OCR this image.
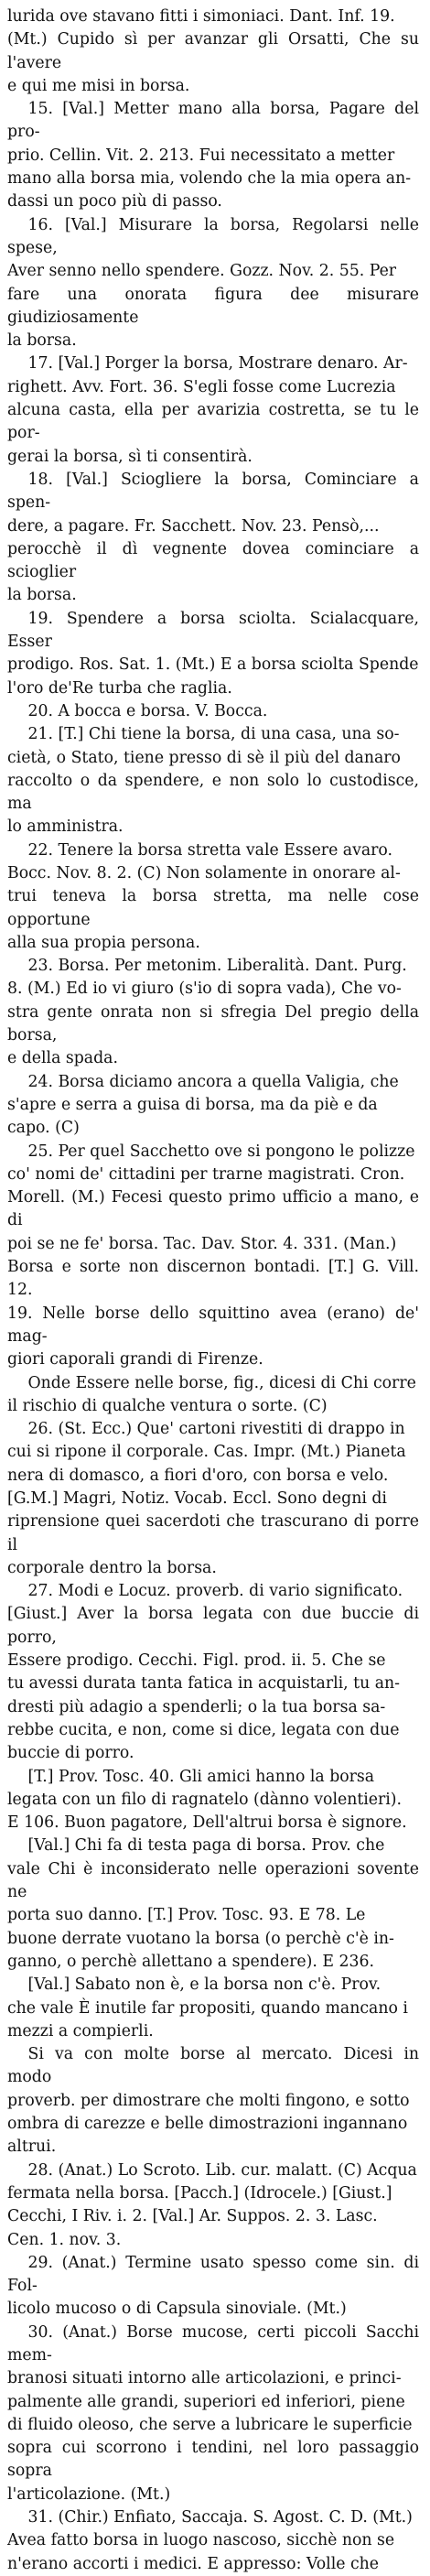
lurida ove stavano fitti i simoniaci. Dant. Inf. 19.
(Mt.) Cupido sì per avanzar gli Orsatti, Che su l'avere
e qui me misi in borsa.

15. [Val.] Metter mano alla borsa, Pagare del pro-
prio. Cellin. Vit. 2. 213. Fui necessitato a metter
mano alla borsa mia, volendo che la mia opera an-
dassi un poco più di passo.

16. [Val.] Misurare la borsa, Regolarsi nelle spese,
Aver senno nello spendere. Gozz. Nov. 2. 55. Per
fare una onorata figura dee misurare giudiziosamente
la borsa.

17. [Val.] Porger la borsa, Mostrare denaro. Ar-
righett. Avv. Fort. 36. S'egli fosse come Lucrezia
alcuna casta, ella per avarizia costretta, se tu le por-
gerai la borsa, sì ti consentirà.

18. [Val.] Sciogliere la borsa, Cominciare a spen-
dere, a pagare. Fr. Sacchett. Nov. 23. Pensò,...
perocchè il dì vegnente dovea cominciare a scioglier
la borsa.

19. Spendere a borsa sciolta. Scialacquare, Esser
prodigo. Ros. Sat. 1. (Mt.) E a borsa sciolta Spende
l'oro de'Re turba che raglia.

20. A bocca e borsa. V. Bocca.

21. [T.] Chi tiene la borsa, di una casa, una so-
cietà, o Stato, tiene presso di sè il più del danaro
raccolto o da spendere, e non solo lo custodisce, ma
lo amministra.

22. Tenere la borsa stretta vale Essere avaro.
Bocc. Nov. 8. 2. (C) Non solamente in onorare al-
trui teneva la borsa stretta, ma nelle cose opportune
alla sua propia persona.

23. Borsa. Per metonim. Liberalità. Dant. Purg.
8. (M.) Ed io vi giuro (s'io di sopra vada), Che vo-
stra gente onrata non si sfregia Del pregio della borsa,
e della spada.

24. Borsa diciamo ancora a quella Valigia, che
s'apre e serra a guisa di borsa, ma da piè e da
capo. (C)

25. Per quel Sacchetto ove si pongono le polizze
co' nomi de' cittadini per trarne magistrati. Cron.
Morell. (M.) Fecesi questo primo ufficio a mano, e di
poi se ne fe' borsa. Tac. Dav. Stor. 4. 331. (Man.)
Borsa e sorte non discernon bontadi. [T.] G. Vill. 12.
19. Nelle borse dello squittino avea (erano) de' mag-
giori caporali grandi di Firenze.

Onde Essere nelle borse, fig., dicesi di Chi corre
il rischio di qualche ventura o sorte. (C)

26. (St. Ecc.) Que' cartoni rivestiti di drappo in
cui si ripone il corporale. Cas. Impr. (Mt.) Pianeta
nera di domasco, a fiori d'oro, con borsa e velo.
[G.M.] Magri, Notiz. Vocab. Eccl. Sono degni di
riprensione quei sacerdoti che trascurano di porre il
corporale dentro la borsa.

27. Modi e Locuz. proverb. di vario significato.
[Giust.] Aver la borsa legata con due buccie di porro,
Essere prodigo. Cecchi. Figl. prod. ii. 5. Che se
tu avessi durata tanta fatica in acquistarli, tu an-
dresti più adagio a spenderli; o la tua borsa sa-
rebbe cucita, e non, come si dice, legata con due
buccie di porro.

[T.] Prov. Tosc. 40. Gli amici hanno la borsa
legata con un filo di ragnatelo (dànno volentieri).
E 106. Buon pagatore, Dell'altrui borsa è signore.

[Val.] Chi fa di testa paga di borsa. Prov. che
vale Chi è inconsiderato nelle operazioni sovente ne
porta suo danno. [T.] Prov. Tosc. 93. E 78. Le
buone derrate vuotano la borsa (o perchè c'è in-
ganno, o perchè allettano a spendere). E 236.

[Val.] Sabato non è, e la borsa non c'è. Prov.
che vale È inutile far propositi, quando mancano i
mezzi a compierli.

Si va con molte borse al mercato. Dicesi in modo
proverb. per dimostrare che molti fingono, e sotto
ombra di carezze e belle dimostrazioni ingannano
altrui.

28. (Anat.) Lo Scroto. Lib. cur. malatt. (C) Acqua
fermata nella borsa. [Pacch.] (Idrocele.) [Giust.]
Cecchi, I Riv. i. 2. [Val.] Ar. Suppos. 2. 3. Lasc.
Cen. 1. nov. 3.

29. (Anat.) Termine usato spesso come sin. di Fol-
licolo mucoso o di Capsula sinoviale. (Mt.)

30. (Anat.) Borse mucose, certi piccoli Sacchi mem-
branosi situati intorno alle articolazioni, e princi-
palmente alle grandi, superiori ed inferiori, piene
di fluido oleoso, che serve a lubricare le superficie
sopra cui scorrono i tendini, nel loro passaggio sopra
l'articolazione. (Mt.)

31. (Chir.) Enfiato, Saccaja. S. Agost. C. D. (Mt.)
Avea fatto borsa in luogo nascoso, sicchè non se
n'erano accorti i medici. E appresso: Volle che
